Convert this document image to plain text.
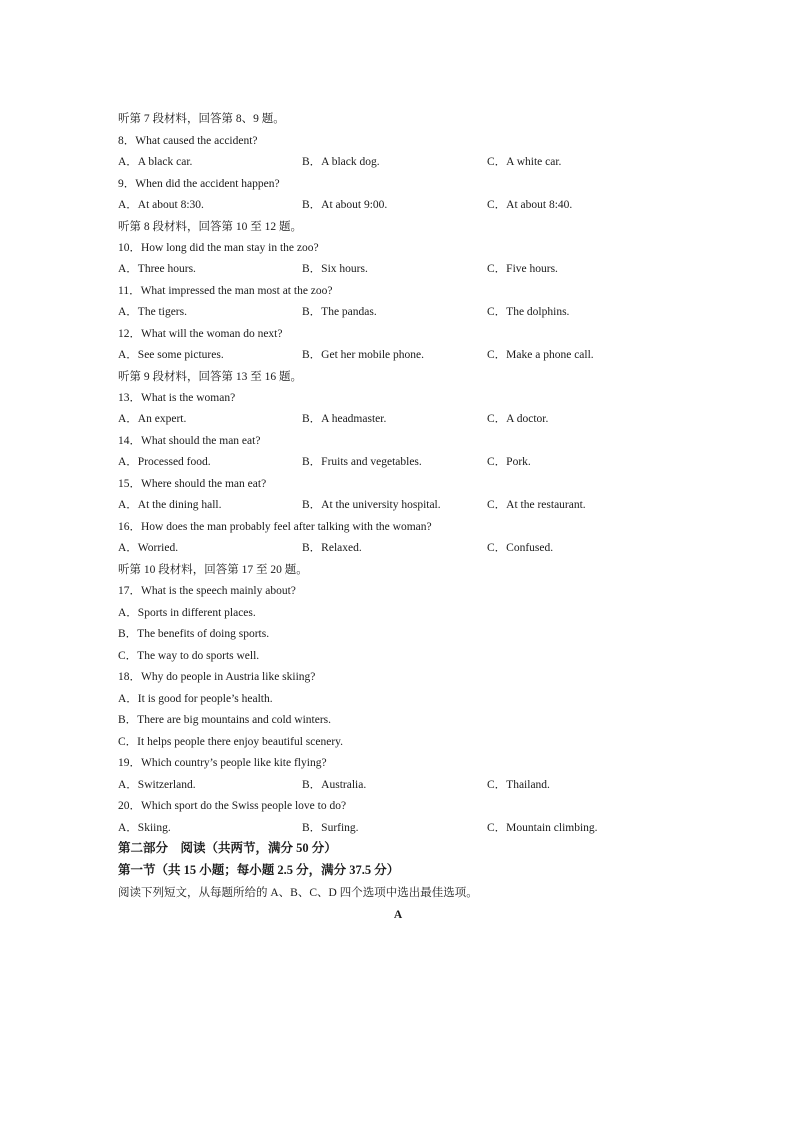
听第 7 段材料，回答第 8、9 题。
8．What caused the accident?
A．A black car.	B．A black dog.	C．A white car.
9．When did the accident happen?
A．At about 8:30.	B．At about 9:00.	C．At about 8:40.
听第 8 段材料，回答第 10 至 12 题。
10．How long did the man stay in the zoo?
A．Three hours.	B．Six hours.	C．Five hours.
11．What impressed the man most at the zoo?
A．The tigers.	B．The pandas.	C．The dolphins.
12．What will the woman do next?
A．See some pictures.	B．Get her mobile phone.	C．Make a phone call.
听第 9 段材料，回答第 13 至 16 题。
13．What is the woman?
A．An expert.	B．A headmaster.	C．A doctor.
14．What should the man eat?
A．Processed food.	B．Fruits and vegetables.	C．Pork.
15．Where should the man eat?
A．At the dining hall.	B．At the university hospital.	C．At the restaurant.
16．How does the man probably feel after talking with the woman?
A．Worried.	B．Relaxed.	C．Confused.
听第 10 段材料，回答第 17 至 20 题。
17．What is the speech mainly about?
A．Sports in different places.
B．The benefits of doing sports.
C．The way to do sports well.
18．Why do people in Austria like skiing?
A．It is good for people’s health.
B．There are big mountains and cold winters.
C．It helps people there enjoy beautiful scenery.
19．Which country’s people like kite flying?
A．Switzerland.	B．Australia.	C．Thailand.
20．Which sport do the Swiss people love to do?
A．Skiing.	B．Surfing.	C．Mountain climbing.
第二部分　阅读（共两节，满分 50 分）
第一节（共 15 小题；每小题 2.5 分，满分 37.5 分）
阅读下列短文，从每题所给的 A、B、C、D 四个选项中选出最佳选项。
A
